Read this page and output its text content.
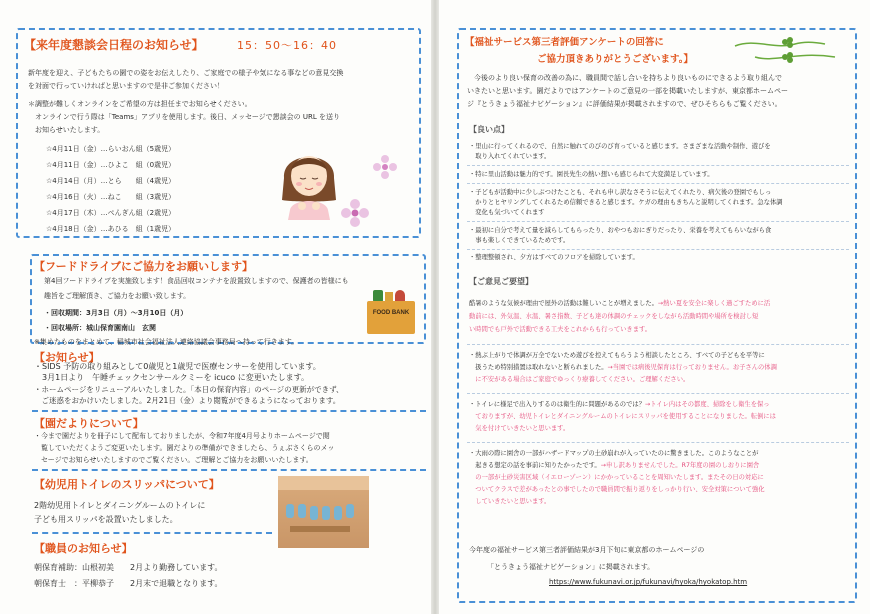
【来年度懇談会日程のお知らせ】	15：50〜16：40
新年度を迎え、子どもたちの園での姿をお伝えしたり、ご家庭での様子や気になる事などの意見交換
を対面で行っていければと思いますので是非ご参加ください！
＊調整が難しくオンラインをご希望の方は担任までお知らせください。
　オンラインで行う際は「Teams」アプリを使用します。後日、メッセージで懇談会の URL を送り
　お知らせいたします。
☆4月11日（金）…らいおん組（5歳児）
☆4月11日（金）…ひよこ　組（0歳児）
☆4月14日（月）…とら　　組（4歳児）
☆4月16日（火）…ねこ　　組（3歳児）
☆4月17日（木）…ぺんぎん組（2歳児）
☆4月18日（金）…あひる　組（1歳児）
【フードドライブにご協力をお願いします】
第4回フードドライブを実施致します！食品回収コンテナを設置致しますので、保護者の皆様にも
趣旨をご理解頂き、ご協力をお願い致します。
・回収期間：3月3日（月）〜3月10日（月）
・回収場所：城山保育園南山　玄関
※集めたものをまとめて、稲城市社会福祉法人連絡協議会事務局へ持って行きます。
FOOD BANK
【お知らせ】
・SIDS 予防の取り組みとして0歳児と1歳児で医療センサーを使用しています。
　3月1日より　午睡チェックセンサールクミーを icuco に変更いたします。
・ホームページをリニューアルいたしました。「本日の保育内容」のページの更新ができず、
　ご迷惑をおかけいたしました。2月21日（金）より閲覧ができるようになっております。
【園だよりについて】
・今まで園だよりを冊子にして配布しておりましたが、令和7年度4月号よりホームページで閲
　覧していただくようご変更いたします。園だよりの準備ができましたら、うぇぶさくらのメッ
　セージでお知らせいたしますのでご覧ください。ご理解とご協力をお願いいたします。
【幼児用トイレのスリッパについて】
2階幼児用トイレとダイニングルームのトイレに
子ども用スリッパを設置いたしました。
【職員のお知らせ】
朝保育補助：山根初美　　2月より勤務しています。
朝保育士　：平柳恭子　　2月末で退職となります。
【福祉サービス第三者評価アンケートの回答に
ご協力頂きありがとうございます。】
　今後のより良い保育の改善の為に、職員間で話し合いを持ちより良いものにできるよう取り組んで
いきたいと思います。園だよりではアンケートのご意見の一部を掲載いたしますが、東京都ホームペー
ジ『とうきょう福祉ナビゲーション』に評価結果が掲載されますので、ぜひそちらもご覧ください。
【良い点】
・里山に行ってくれるので、自然に触れてのびのび育っていると感じます。さまざまな活動や制作、遊びを
　取り入れてくれています。
・特に里山活動は魅力的です。園長先生の熱い想いも感じられて大変満足しています。
・子どもが活動中に少しぶつけたことも、それも申し訳なさそうに伝えてくれたり、病欠後の登園でもしっ
　かりとヒヤリングしてくれるため信頼できると感じます。ケガの理由もきちんと説明してくれます。急な体調
　変化も気づいてくれます
・最初に自分で考えて量を減らしてもらったり、おやつもおにぎりだったり、栄養を考えてもらいながら食
　事も楽しくできているためです。
・整理整頓され、夕方はすべてのフロアを掃除しています。
【ご意見ご要望】
酷暑のような気候が理由で屋外の活動は難しいことが増えました。→熱い夏を安全に楽しく過ごすために活
動前には、外気温、水温、暑さ指数、子ども達の体調のチェックをしながら活動時間や場所を検討し短
い時間でも戸外で活動できる工夫をこれからも行っていきます。
・熱ぶ上がりで体調が万全でないため遊びを控えてもらうよう相談したところ、すべての子どもを平等に
　扱うため特別措置は取れないと断られました。→当園では病後児保育は行っておりません。お子さんの体調
　に不安がある場合はご家庭でゆっくり療養してください。ご理解ください。
・トイレに様足で出入りするのは衛生的に問題があるのでは？→トイレ内はその都度、掃除をし衛生を保っ
　ておりますが、幼児トイレとダイニングルームのトイレにスリッパを使用することになりました。転倒には
　気を付けていきたいと思います。
・大雨の際に園舎の一部がハザードマップの土砂崩れが入っていたのに驚きました。このようなことが
　起きる想定の話を事前に知りたかったです。→申し訳ありませんでした。R7年度の園のしおりに園舎
　の一部が土砂災害区域（イエローゾーン）にかかっていることを周知いたします。またその日の対応に
　ついてクラスで差があったとの事でしたので職員間で振り返りをしっかり行い、安全対策について強化
　していきたいと思います。
今年度の福祉サービス第三者評価結果が3月下旬に東京都のホームページの
「とうきょう福祉ナビゲーション」に掲載されます。
https://www.fukunavi.or.jp/fukunavi/hyoka/hyokatop.htm
